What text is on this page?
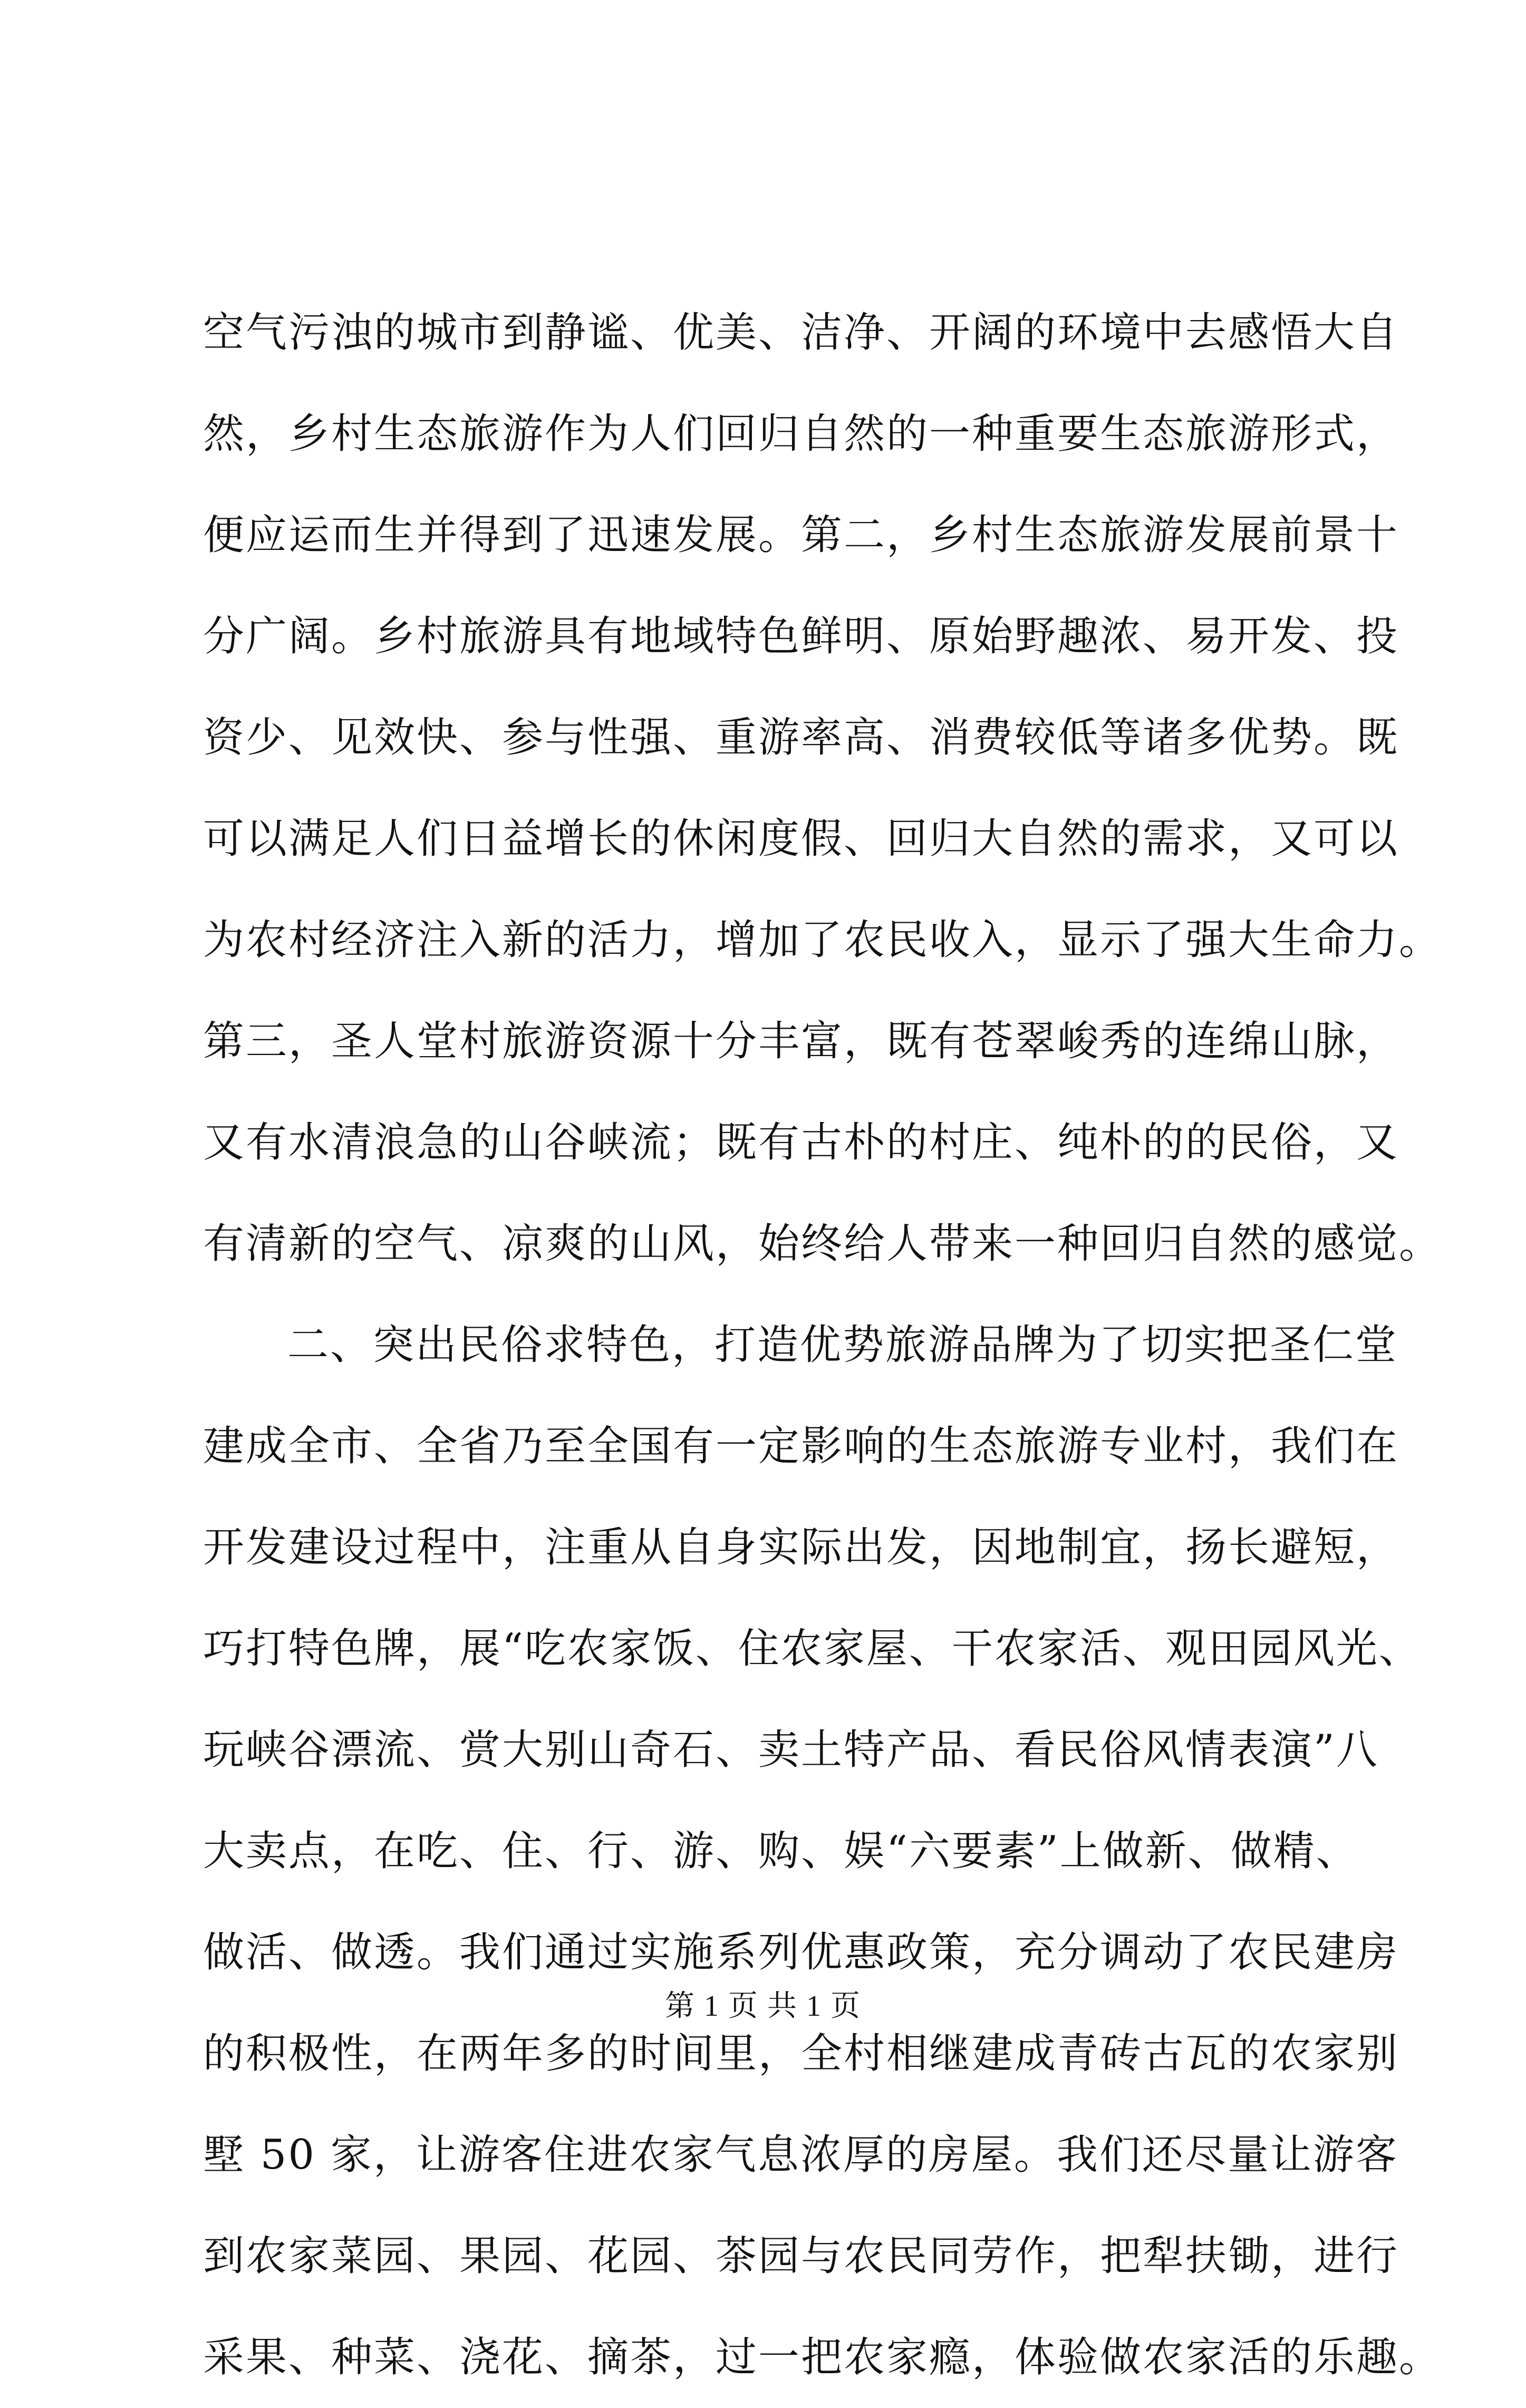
空气污浊的城市到静谧、优美、洁净、开阔的环境中去感悟大自
然，乡村生态旅游作为人们回归自然的一种重要生态旅游形式，
便应运而生并得到了迅速发展。第二，乡村生态旅游发展前景十
分广阔。乡村旅游具有地域特色鲜明、原始野趣浓、易开发、投
资少、见效快、参与性强、重游率高、消费较低等诸多优势。既
可以满足人们日益增长的休闲度假、回归大自然的需求，又可以
为农村经济注入新的活力，增加了农民收入，显示了强大生命力。
第三，圣人堂村旅游资源十分丰富，既有苍翠峻秀的连绵山脉，
又有水清浪急的山谷峡流；既有古朴的村庄、纯朴的的民俗，又
有清新的空气、凉爽的山风，始终给人带来一种回归自然的感觉。
二、突出民俗求特色，打造优势旅游品牌为了切实把圣仁堂
建成全市、全省乃至全国有一定影响的生态旅游专业村，我们在
开发建设过程中，注重从自身实际出发，因地制宜，扬长避短，
巧打特色牌，展“吃农家饭、住农家屋、干农家活、观田园风光、
玩峡谷漂流、赏大别山奇石、卖土特产品、看民俗风情表演”八
大卖点，在吃、住、行、游、购、娱“六要素”上做新、做精、
做活、做透。我们通过实施系列优惠政策，充分调动了农民建房
的积极性，在两年多的时间里，全村相继建成青砖古瓦的农家别
墅 50 家，让游客住进农家气息浓厚的房屋。我们还尽量让游客
到农家菜园、果园、花园、茶园与农民同劳作，把犁扶锄，进行
采果、种菜、浇花、摘茶，过一把农家瘾，体验做农家活的乐趣。
第 1 页 共 1 页
